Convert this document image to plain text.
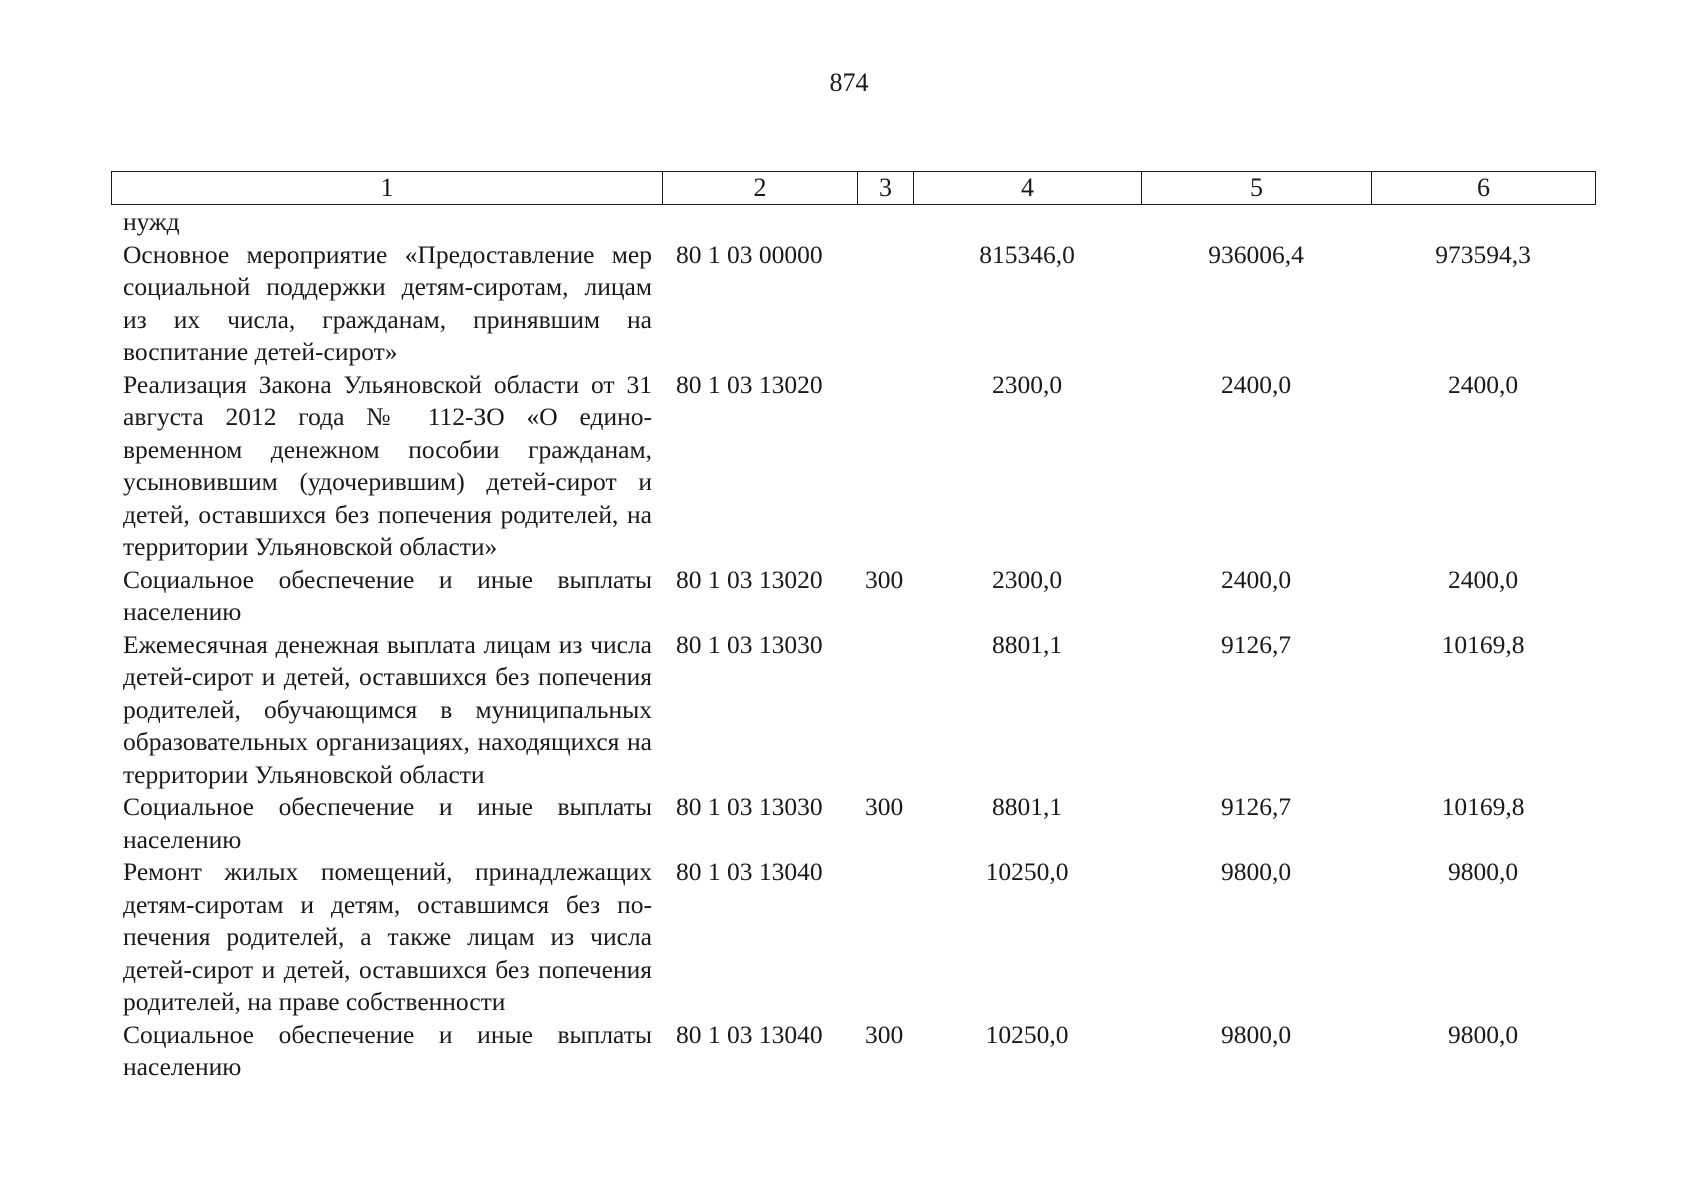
874
1	2	3	4	5	6
нужд					
Основное мероприятие «Предоставление мер социальной поддержки детям-сиротам, лицам из их числа, гражданам, принявшим на воспитание детей-сирот»	80 1 03 00000		815346,0	936006,4	973594,3
Реализация Закона Ульяновской области от 31 августа 2012 года № 112-ЗО «О единовременном денежном пособии гражданам, усыновившим (удочерившим) детей-сирот и детей, оставшихся без попечения родителей, на территории Ульяновской области»	80 1 03 13020		2300,0	2400,0	2400,0
Социальное обеспечение и иные выплаты населению	80 1 03 13020	300	2300,0	2400,0	2400,0
Ежемесячная денежная выплата лицам из числа детей-сирот и детей, оставшихся без попечения родителей, обучающимся в муниципальных образовательных организациях, находящихся на территории Ульяновской области	80 1 03 13030		8801,1	9126,7	10169,8
Социальное обеспечение и иные выплаты населению	80 1 03 13030	300	8801,1	9126,7	10169,8
Ремонт жилых помещений, принадлежащих детям-сиротам и детям, оставшимся без попечения родителей, а также лицам из числа детей-сирот и детей, оставшихся без попечения родителей, на праве собственности	80 1 03 13040		10250,0	9800,0	9800,0
Социальное обеспечение и иные выплаты населению	80 1 03 13040	300	10250,0	9800,0	9800,0
